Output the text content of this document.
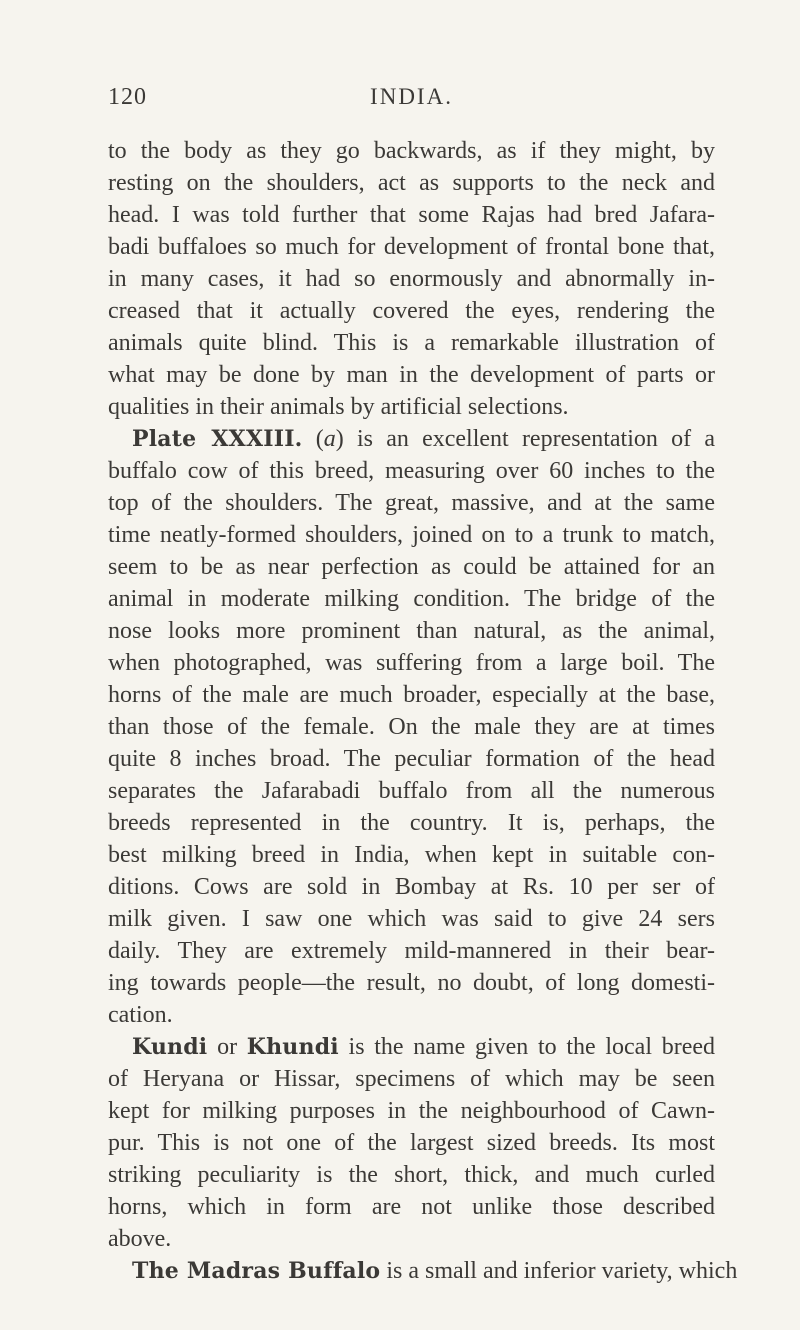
120	INDIA.
to the body as they go backwards, as if they might, by
resting on the shoulders, act as supports to the neck and
head. I was told further that some Rajas had bred Jafara-
badi buffaloes so much for development of frontal bone that,
in many cases, it had so enormously and abnormally in-
creased that it actually covered the eyes, rendering the
animals quite blind. This is a remarkable illustration of
what may be done by man in the development of parts or
qualities in their animals by artificial selections.
Plate XXXIII. (a) is an excellent representation of a
buffalo cow of this breed, measuring over 60 inches to the
top of the shoulders. The great, massive, and at the same
time neatly-formed shoulders, joined on to a trunk to match,
seem to be as near perfection as could be attained for an
animal in moderate milking condition. The bridge of the
nose looks more prominent than natural, as the animal,
when photographed, was suffering from a large boil. The
horns of the male are much broader, especially at the base,
than those of the female. On the male they are at times
quite 8 inches broad. The peculiar formation of the head
separates the Jafarabadi buffalo from all the numerous
breeds represented in the country. It is, perhaps, the
best milking breed in India, when kept in suitable con-
ditions. Cows are sold in Bombay at Rs. 10 per ser of
milk given. I saw one which was said to give 24 sers
daily. They are extremely mild-mannered in their bear-
ing towards people—the result, no doubt, of long domesti-
cation.
Kundi or Khundi is the name given to the local breed
of Heryana or Hissar, specimens of which may be seen
kept for milking purposes in the neighbourhood of Cawn-
pur. This is not one of the largest sized breeds. Its most
striking peculiarity is the short, thick, and much curled
horns, which in form are not unlike those described
above.
The Madras Buffalo is a small and inferior variety, which
